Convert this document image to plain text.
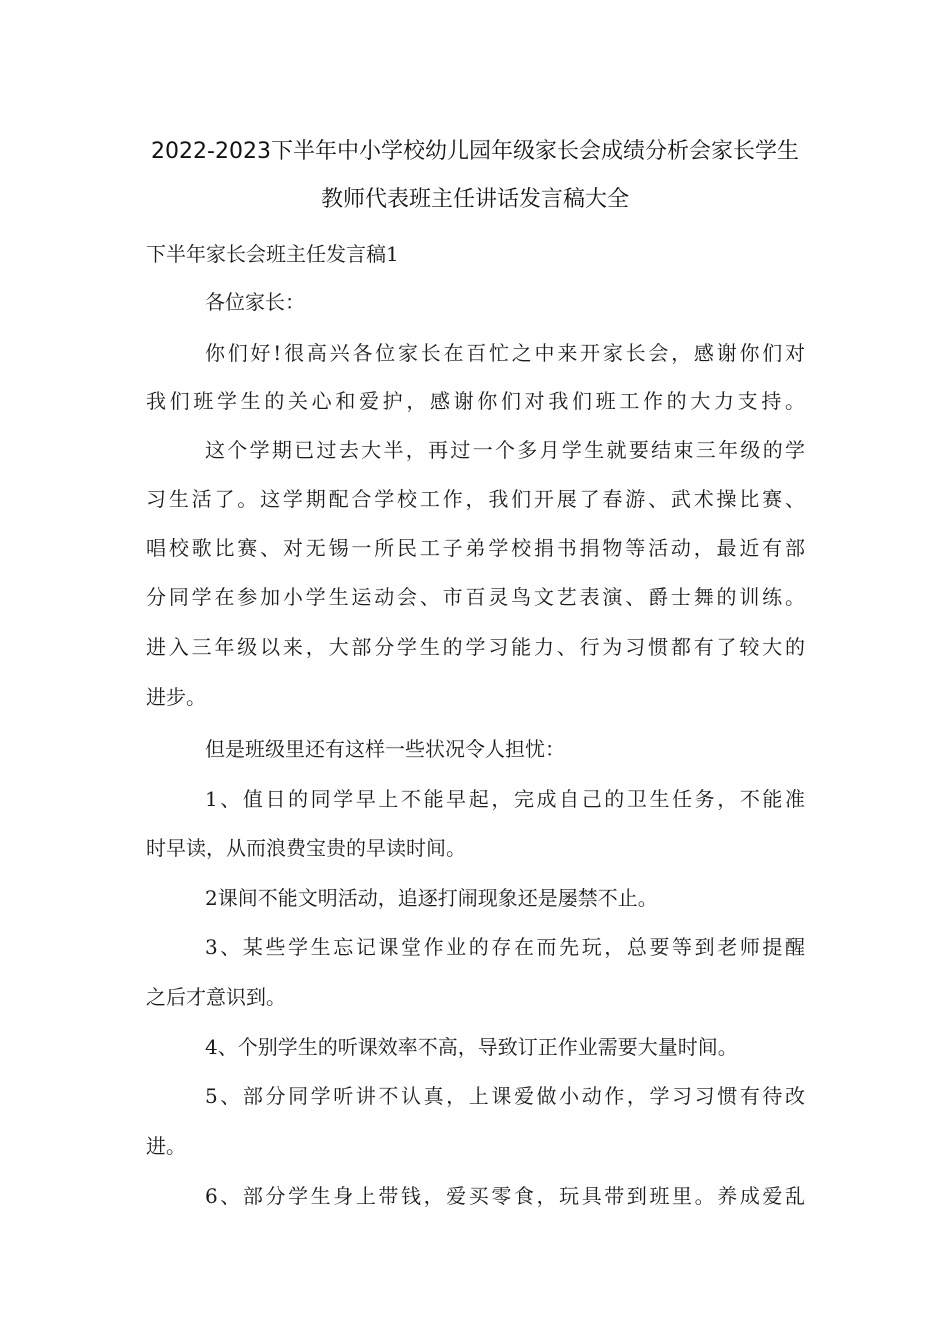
2022-2023下半年中小学校幼儿园年级家长会成绩分析会家长学生
教师代表班主任讲话发言稿大全
下半年家长会班主任发言稿1
各位家长：
你们好!很高兴各位家长在百忙之中来开家长会，感谢你们对
我们班学生的关心和爱护，感谢你们对我们班工作的大力支持。
这个学期已过去大半，再过一个多月学生就要结束三年级的学
习生活了。这学期配合学校工作，我们开展了春游、武术操比赛、
唱校歌比赛、对无锡一所民工子弟学校捐书捐物等活动，最近有部
分同学在参加小学生运动会、市百灵鸟文艺表演、爵士舞的训练。
进入三年级以来，大部分学生的学习能力、行为习惯都有了较大的
进步。
但是班级里还有这样一些状况令人担忧：
1、值日的同学早上不能早起，完成自己的卫生任务，不能准
时早读，从而浪费宝贵的早读时间。
2课间不能文明活动，追逐打闹现象还是屡禁不止。
3、某些学生忘记课堂作业的存在而先玩，总要等到老师提醒
之后才意识到。
4、个别学生的听课效率不高，导致订正作业需要大量时间。
5、部分同学听讲不认真，上课爱做小动作，学习习惯有待改
进。
6、部分学生身上带钱，爱买零食，玩具带到班里。养成爱乱
